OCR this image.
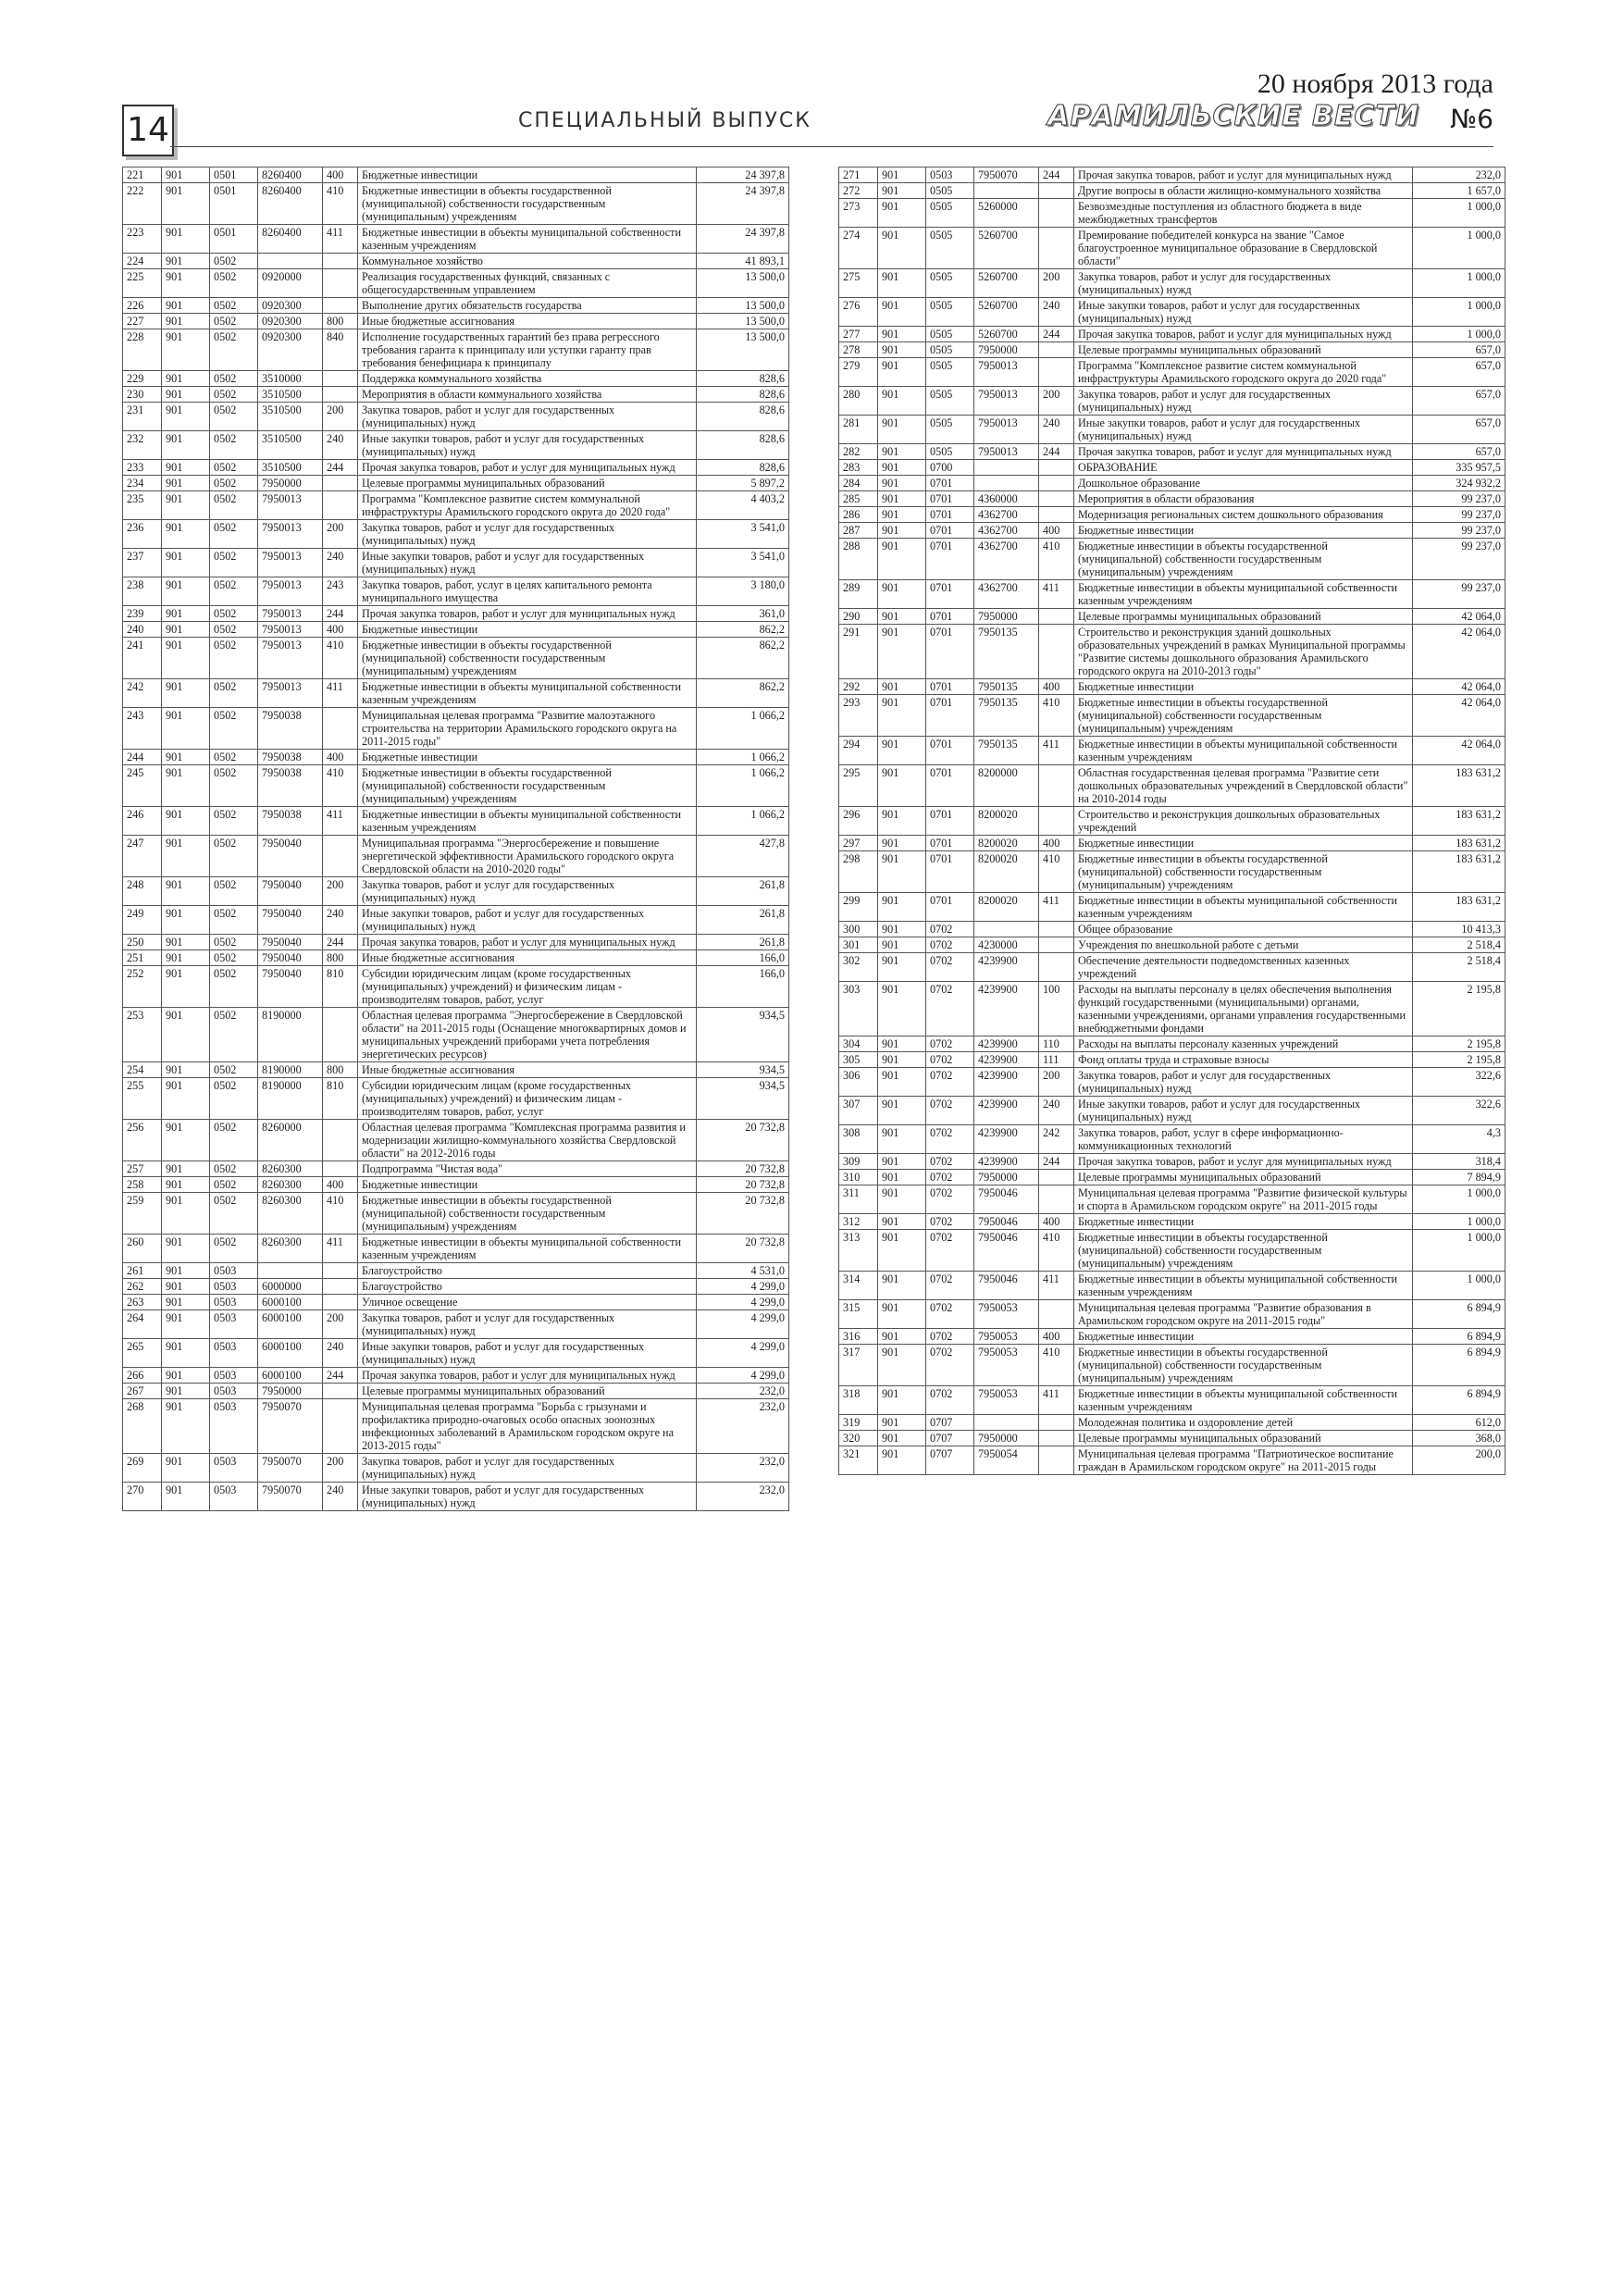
14	СПЕЦИАЛЬНЫЙ ВЫПУСК
20 ноября 2013 года
АРАМИЛЬСКИЕ ВЕСТИ №6
221	901	0501	8260400	400	Бюджетные инвестиции	24 397,8
222	901	0501	8260400	410	Бюджетные инвестиции в объекты государственной (муниципальной) собственности государственным (муниципальным) учреждениям	24 397,8
223	901	0501	8260400	411	Бюджетные инвестиции в объекты муниципальной собственности казенным учреждениям	24 397,8
224	901	0502			Коммунальное хозяйство	41 893,1
225	901	0502	0920000		Реализация государственных функций, связанных с общегосударственным управлением	13 500,0
226	901	0502	0920300		Выполнение других обязательств государства	13 500,0
227	901	0502	0920300	800	Иные бюджетные ассигнования	13 500,0
228	901	0502	0920300	840	Исполнение государственных гарантий без права регрессного требования гаранта к принципалу или уступки гаранту прав требования бенефициара к принципалу	13 500,0
229	901	0502	3510000		Поддержка коммунального хозяйства	828,6
230	901	0502	3510500		Мероприятия в области коммунального хозяйства	828,6
231	901	0502	3510500	200	Закупка товаров, работ и услуг для государственных (муниципальных) нужд	828,6
232	901	0502	3510500	240	Иные закупки товаров, работ и услуг для государственных (муниципальных) нужд	828,6
233	901	0502	3510500	244	Прочая закупка товаров, работ и услуг для муниципальных нужд	828,6
234	901	0502	7950000		Целевые программы муниципальных образований	5 897,2
235	901	0502	7950013		Программа "Комплексное развитие систем коммунальной инфраструктуры Арамильского городского округа до 2020 года"	4 403,2
236	901	0502	7950013	200	Закупка товаров, работ и услуг для государственных (муниципальных) нужд	3 541,0
237	901	0502	7950013	240	Иные закупки товаров, работ и услуг для государственных (муниципальных) нужд	3 541,0
238	901	0502	7950013	243	Закупка товаров, работ, услуг в целях капитального ремонта муниципального имущества	3 180,0
239	901	0502	7950013	244	Прочая закупка товаров, работ и услуг для муниципальных нужд	361,0
240	901	0502	7950013	400	Бюджетные инвестиции	862,2
241	901	0502	7950013	410	Бюджетные инвестиции в объекты государственной (муниципальной) собственности государственным (муниципальным) учреждениям	862,2
242	901	0502	7950013	411	Бюджетные инвестиции в объекты муниципальной собственности казенным учреждениям	862,2
243	901	0502	7950038		Муниципальная целевая программа "Развитие малоэтажного строительства на территории Арамильского городского округа на 2011-2015 годы"	1 066,2
244	901	0502	7950038	400	Бюджетные инвестиции	1 066,2
245	901	0502	7950038	410	Бюджетные инвестиции в объекты государственной (муниципальной) собственности государственным (муниципальным) учреждениям	1 066,2
246	901	0502	7950038	411	Бюджетные инвестиции в объекты муниципальной собственности казенным учреждениям	1 066,2
247	901	0502	7950040		Муниципальная программа "Энергосбережение и повышение энергетической эффективности Арамильского городского округа Свердловской области на 2010-2020 годы"	427,8
248	901	0502	7950040	200	Закупка товаров, работ и услуг для государственных (муниципальных) нужд	261,8
249	901	0502	7950040	240	Иные закупки товаров, работ и услуг для государственных (муниципальных) нужд	261,8
250	901	0502	7950040	244	Прочая закупка товаров, работ и услуг для муниципальных нужд	261,8
251	901	0502	7950040	800	Иные бюджетные ассигнования	166,0
252	901	0502	7950040	810	Субсидии юридическим лицам (кроме государственных (муниципальных) учреждений) и физическим лицам - производителям товаров, работ, услуг	166,0
253	901	0502	8190000		Областная целевая программа "Энергосбережение в Свердловской области" на 2011-2015 годы (Оснащение многоквартирных домов и муниципальных учреждений приборами учета потребления энергетических ресурсов)	934,5
254	901	0502	8190000	800	Иные бюджетные ассигнования	934,5
255	901	0502	8190000	810	Субсидии юридическим лицам (кроме государственных (муниципальных) учреждений) и физическим лицам - производителям товаров, работ, услуг	934,5
256	901	0502	8260000		Областная целевая программа "Комплексная программа развития и модернизации жилищно-коммунального хозяйства Свердловской области" на 2012-2016 годы	20 732,8
257	901	0502	8260300		Подпрограмма "Чистая вода"	20 732,8
258	901	0502	8260300	400	Бюджетные инвестиции	20 732,8
259	901	0502	8260300	410	Бюджетные инвестиции в объекты государственной (муниципальной) собственности государственным (муниципальным) учреждениям	20 732,8
260	901	0502	8260300	411	Бюджетные инвестиции в объекты муниципальной собственности казенным учреждениям	20 732,8
261	901	0503			Благоустройство	4 531,0
262	901	0503	6000000		Благоустройство	4 299,0
263	901	0503	6000100		Уличное освещение	4 299,0
264	901	0503	6000100	200	Закупка товаров, работ и услуг для государственных (муниципальных) нужд	4 299,0
265	901	0503	6000100	240	Иные закупки товаров, работ и услуг для государственных (муниципальных) нужд	4 299,0
266	901	0503	6000100	244	Прочая закупка товаров, работ и услуг для муниципальных нужд	4 299,0
267	901	0503	7950000		Целевые программы муниципальных образований	232,0
268	901	0503	7950070		Муниципальная целевая программа "Борьба с грызунами и профилактика природно-очаговых особо опасных зоонозных инфекционных заболеваний в Арамильском городском округе на 2013-2015 годы"	232,0
269	901	0503	7950070	200	Закупка товаров, работ и услуг для государственных (муниципальных) нужд	232,0
270	901	0503	7950070	240	Иные закупки товаров, работ и услуг для государственных (муниципальных) нужд	232,0
271	901	0503	7950070	244	Прочая закупка товаров, работ и услуг для муниципальных нужд	232,0
272	901	0505			Другие вопросы в области жилищно-коммунального хозяйства	1 657,0
273	901	0505	5260000		Безвозмездные поступления из областного бюджета в виде межбюджетных трансфертов	1 000,0
274	901	0505	5260700		Премирование победителей конкурса на звание "Самое благоустроенное муниципальное образование в Свердловской области"	1 000,0
275	901	0505	5260700	200	Закупка товаров, работ и услуг для государственных (муниципальных) нужд	1 000,0
276	901	0505	5260700	240	Иные закупки товаров, работ и услуг для государственных (муниципальных) нужд	1 000,0
277	901	0505	5260700	244	Прочая закупка товаров, работ и услуг для муниципальных нужд	1 000,0
278	901	0505	7950000		Целевые программы муниципальных образований	657,0
279	901	0505	7950013		Программа "Комплексное развитие систем коммунальной инфраструктуры Арамильского городского округа до 2020 года"	657,0
280	901	0505	7950013	200	Закупка товаров, работ и услуг для государственных (муниципальных) нужд	657,0
281	901	0505	7950013	240	Иные закупки товаров, работ и услуг для государственных (муниципальных) нужд	657,0
282	901	0505	7950013	244	Прочая закупка товаров, работ и услуг для муниципальных нужд	657,0
283	901	0700			ОБРАЗОВАНИЕ	335 957,5
284	901	0701			Дошкольное образование	324 932,2
285	901	0701	4360000		Мероприятия в области образования	99 237,0
286	901	0701	4362700		Модернизация региональных систем дошкольного образования	99 237,0
287	901	0701	4362700	400	Бюджетные инвестиции	99 237,0
288	901	0701	4362700	410	Бюджетные инвестиции в объекты государственной (муниципальной) собственности государственным (муниципальным) учреждениям	99 237,0
289	901	0701	4362700	411	Бюджетные инвестиции в объекты муниципальной собственности казенным учреждениям	99 237,0
290	901	0701	7950000		Целевые программы муниципальных образований	42 064,0
291	901	0701	7950135		Строительство и реконструкция зданий дошкольных образовательных учреждений в рамках Муниципальной программы "Развитие системы дошкольного образования Арамильского городского округа на 2010-2013 годы"	42 064,0
292	901	0701	7950135	400	Бюджетные инвестиции	42 064,0
293	901	0701	7950135	410	Бюджетные инвестиции в объекты государственной (муниципальной) собственности государственным (муниципальным) учреждениям	42 064,0
294	901	0701	7950135	411	Бюджетные инвестиции в объекты муниципальной собственности казенным учреждениям	42 064,0
295	901	0701	8200000		Областная государственная целевая программа "Развитие сети дошкольных образовательных учреждений в Свердловской области" на 2010-2014 годы	183 631,2
296	901	0701	8200020		Строительство и реконструкция дошкольных образовательных учреждений	183 631,2
297	901	0701	8200020	400	Бюджетные инвестиции	183 631,2
298	901	0701	8200020	410	Бюджетные инвестиции в объекты государственной (муниципальной) собственности государственным (муниципальным) учреждениям	183 631,2
299	901	0701	8200020	411	Бюджетные инвестиции в объекты муниципальной собственности казенным учреждениям	183 631,2
300	901	0702			Общее образование	10 413,3
301	901	0702	4230000		Учреждения по внешкольной работе с детьми	2 518,4
302	901	0702	4239900		Обеспечение деятельности подведомственных казенных учреждений	2 518,4
303	901	0702	4239900	100	Расходы на выплаты персоналу в целях обеспечения выполнения функций государственными (муниципальными) органами, казенными учреждениями, органами управления государственными внебюджетными фондами	2 195,8
304	901	0702	4239900	110	Расходы на выплаты персоналу казенных учреждений	2 195,8
305	901	0702	4239900	111	Фонд оплаты труда и страховые взносы	2 195,8
306	901	0702	4239900	200	Закупка товаров, работ и услуг для государственных (муниципальных) нужд	322,6
307	901	0702	4239900	240	Иные закупки товаров, работ и услуг для государственных (муниципальных) нужд	322,6
308	901	0702	4239900	242	Закупка товаров, работ, услуг в сфере информационно-коммуникационных технологий	4,3
309	901	0702	4239900	244	Прочая закупка товаров, работ и услуг для муниципальных нужд	318,4
310	901	0702	7950000		Целевые программы муниципальных образований	7 894,9
311	901	0702	7950046		Муниципальная целевая программа "Развитие физической культуры и спорта в Арамильском городском округе" на 2011-2015 годы	1 000,0
312	901	0702	7950046	400	Бюджетные инвестиции	1 000,0
313	901	0702	7950046	410	Бюджетные инвестиции в объекты государственной (муниципальной) собственности государственным (муниципальным) учреждениям	1 000,0
314	901	0702	7950046	411	Бюджетные инвестиции в объекты муниципальной собственности казенным учреждениям	1 000,0
315	901	0702	7950053		Муниципальная целевая программа "Развитие образования в Арамильском городском округе на 2011-2015 годы"	6 894,9
316	901	0702	7950053	400	Бюджетные инвестиции	6 894,9
317	901	0702	7950053	410	Бюджетные инвестиции в объекты государственной (муниципальной) собственности государственным (муниципальным) учреждениям	6 894,9
318	901	0702	7950053	411	Бюджетные инвестиции в объекты муниципальной собственности казенным учреждениям	6 894,9
319	901	0707			Молодежная политика и оздоровление детей	612,0
320	901	0707	7950000		Целевые программы муниципальных образований	368,0
321	901	0707	7950054		Муниципальная целевая программа "Патриотическое воспитание граждан в Арамильском городском округе" на 2011-2015 годы	200,0
